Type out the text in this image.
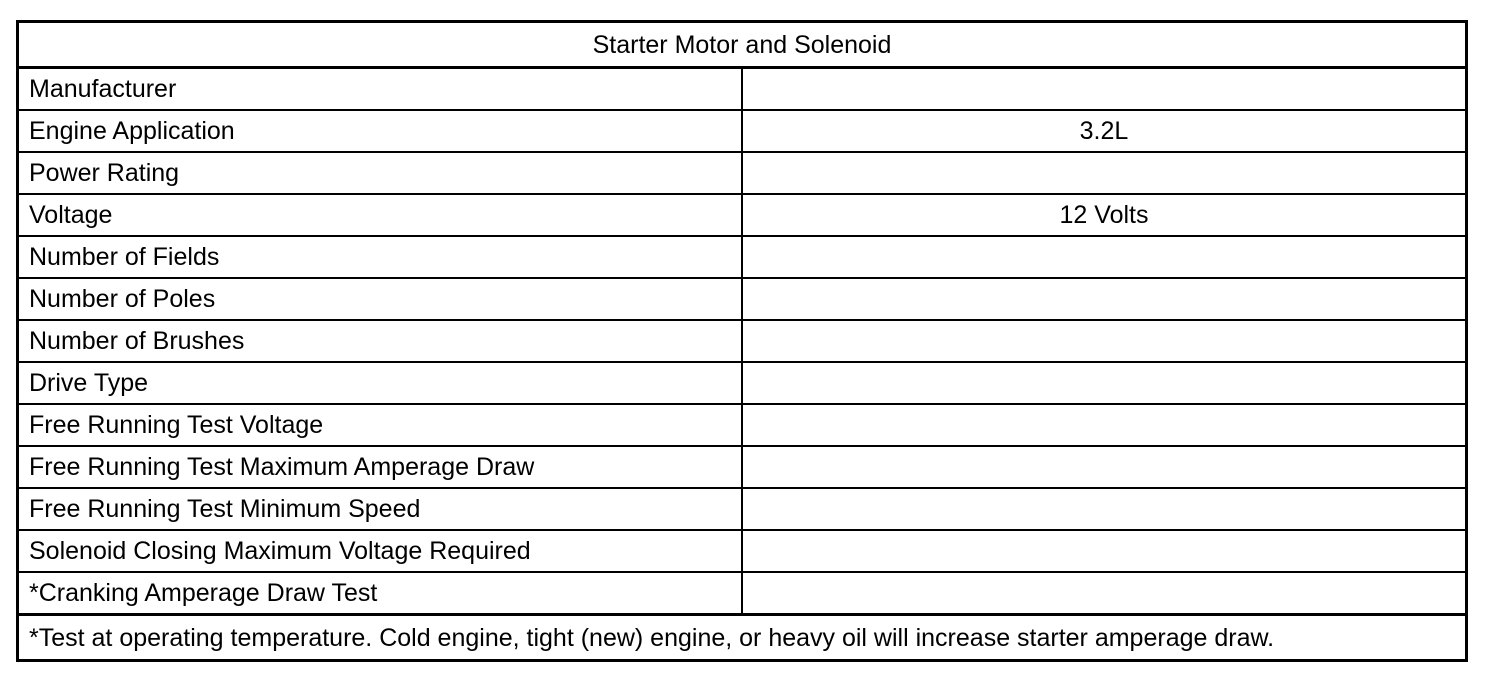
Starter Motor and Solenoid	
Manufacturer	
Engine Application	3.2L
Power Rating	
Voltage	12 Volts
Number of Fields	
Number of Poles	
Number of Brushes	
Drive Type	
Free Running Test Voltage	
Free Running Test Maximum Amperage Draw	
Free Running Test Minimum Speed	
Solenoid Closing Maximum Voltage Required	
*Cranking Amperage Draw Test	
*Test at operating temperature. Cold engine, tight (new) engine, or heavy oil will increase starter amperage draw.	
